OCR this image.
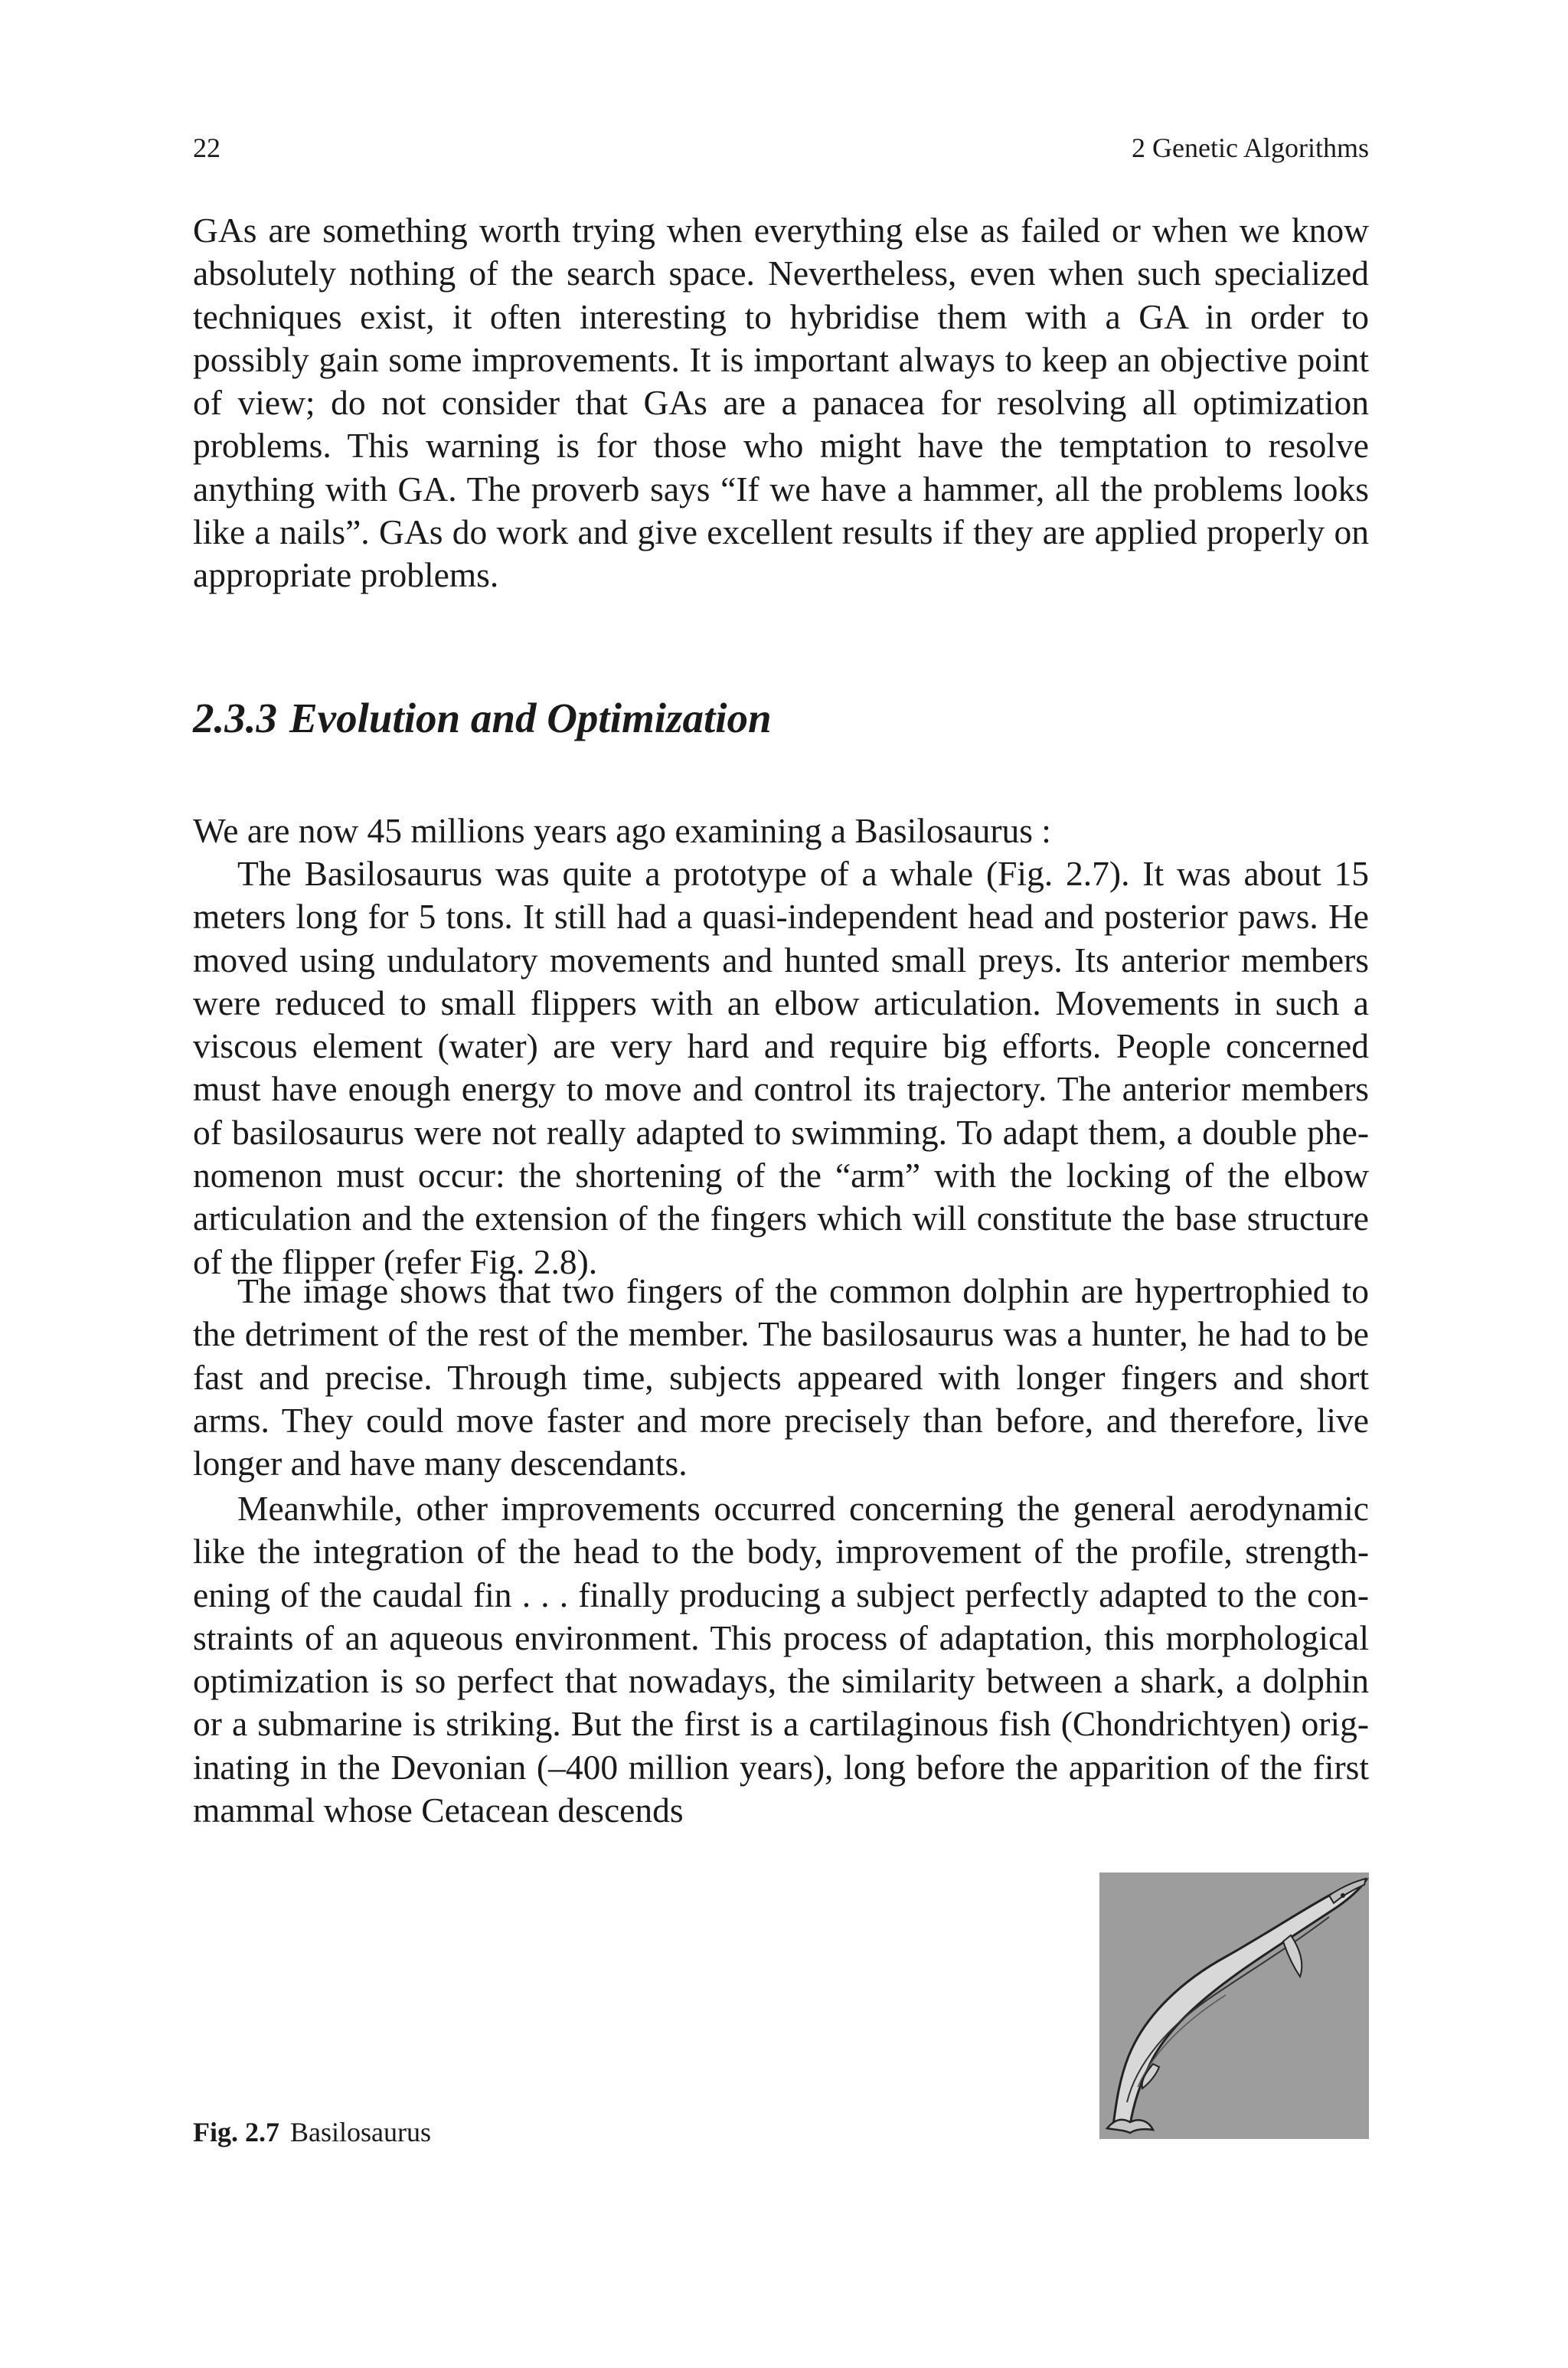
22	2 Genetic Algorithms

GAs are something worth trying when everything else as failed or when we know absolutely nothing of the search space. Nevertheless, even when such specialized techniques exist, it often interesting to hybridise them with a GA in order to possibly gain some improvements. It is important always to keep an objective point of view; do not consider that GAs are a panacea for resolving all optimization problems. This warning is for those who might have the temptation to resolve anything with GA. The proverb says “If we have a hammer, all the problems looks like a nails”. GAs do work and give excellent results if they are applied properly on appropriate problems.

2.3.3 Evolution and Optimization

We are now 45 millions years ago examining a Basilosaurus :

The Basilosaurus was quite a prototype of a whale (Fig. 2.7). It was about 15 meters long for 5 tons. It still had a quasi-independent head and posterior paws. He moved using undulatory movements and hunted small preys. Its anterior members were reduced to small flippers with an elbow articulation. Movements in such a viscous element (water) are very hard and require big efforts. People concerned must have enough energy to move and control its trajectory. The anterior members of basilosaurus were not really adapted to swimming. To adapt them, a double phenomenon must occur: the shortening of the “arm” with the locking of the elbow articulation and the extension of the fingers which will constitute the base structure of the flipper (refer Fig. 2.8).

The image shows that two fingers of the common dolphin are hypertrophied to the detriment of the rest of the member. The basilosaurus was a hunter, he had to be fast and precise. Through time, subjects appeared with longer fingers and short arms. They could move faster and more precisely than before, and therefore, live longer and have many descendants.

Meanwhile, other improvements occurred concerning the general aerodynamic like the integration of the head to the body, improvement of the profile, strengthening of the caudal fin . . . finally producing a subject perfectly adapted to the constraints of an aqueous environment. This process of adaptation, this morphological optimization is so perfect that nowadays, the similarity between a shark, a dolphin or a submarine is striking. But the first is a cartilaginous fish (Chondrichtyen) originating in the Devonian (–400 million years), long before the apparition of the first mammal whose Cetacean descends

Fig. 2.7 Basilosaurus
